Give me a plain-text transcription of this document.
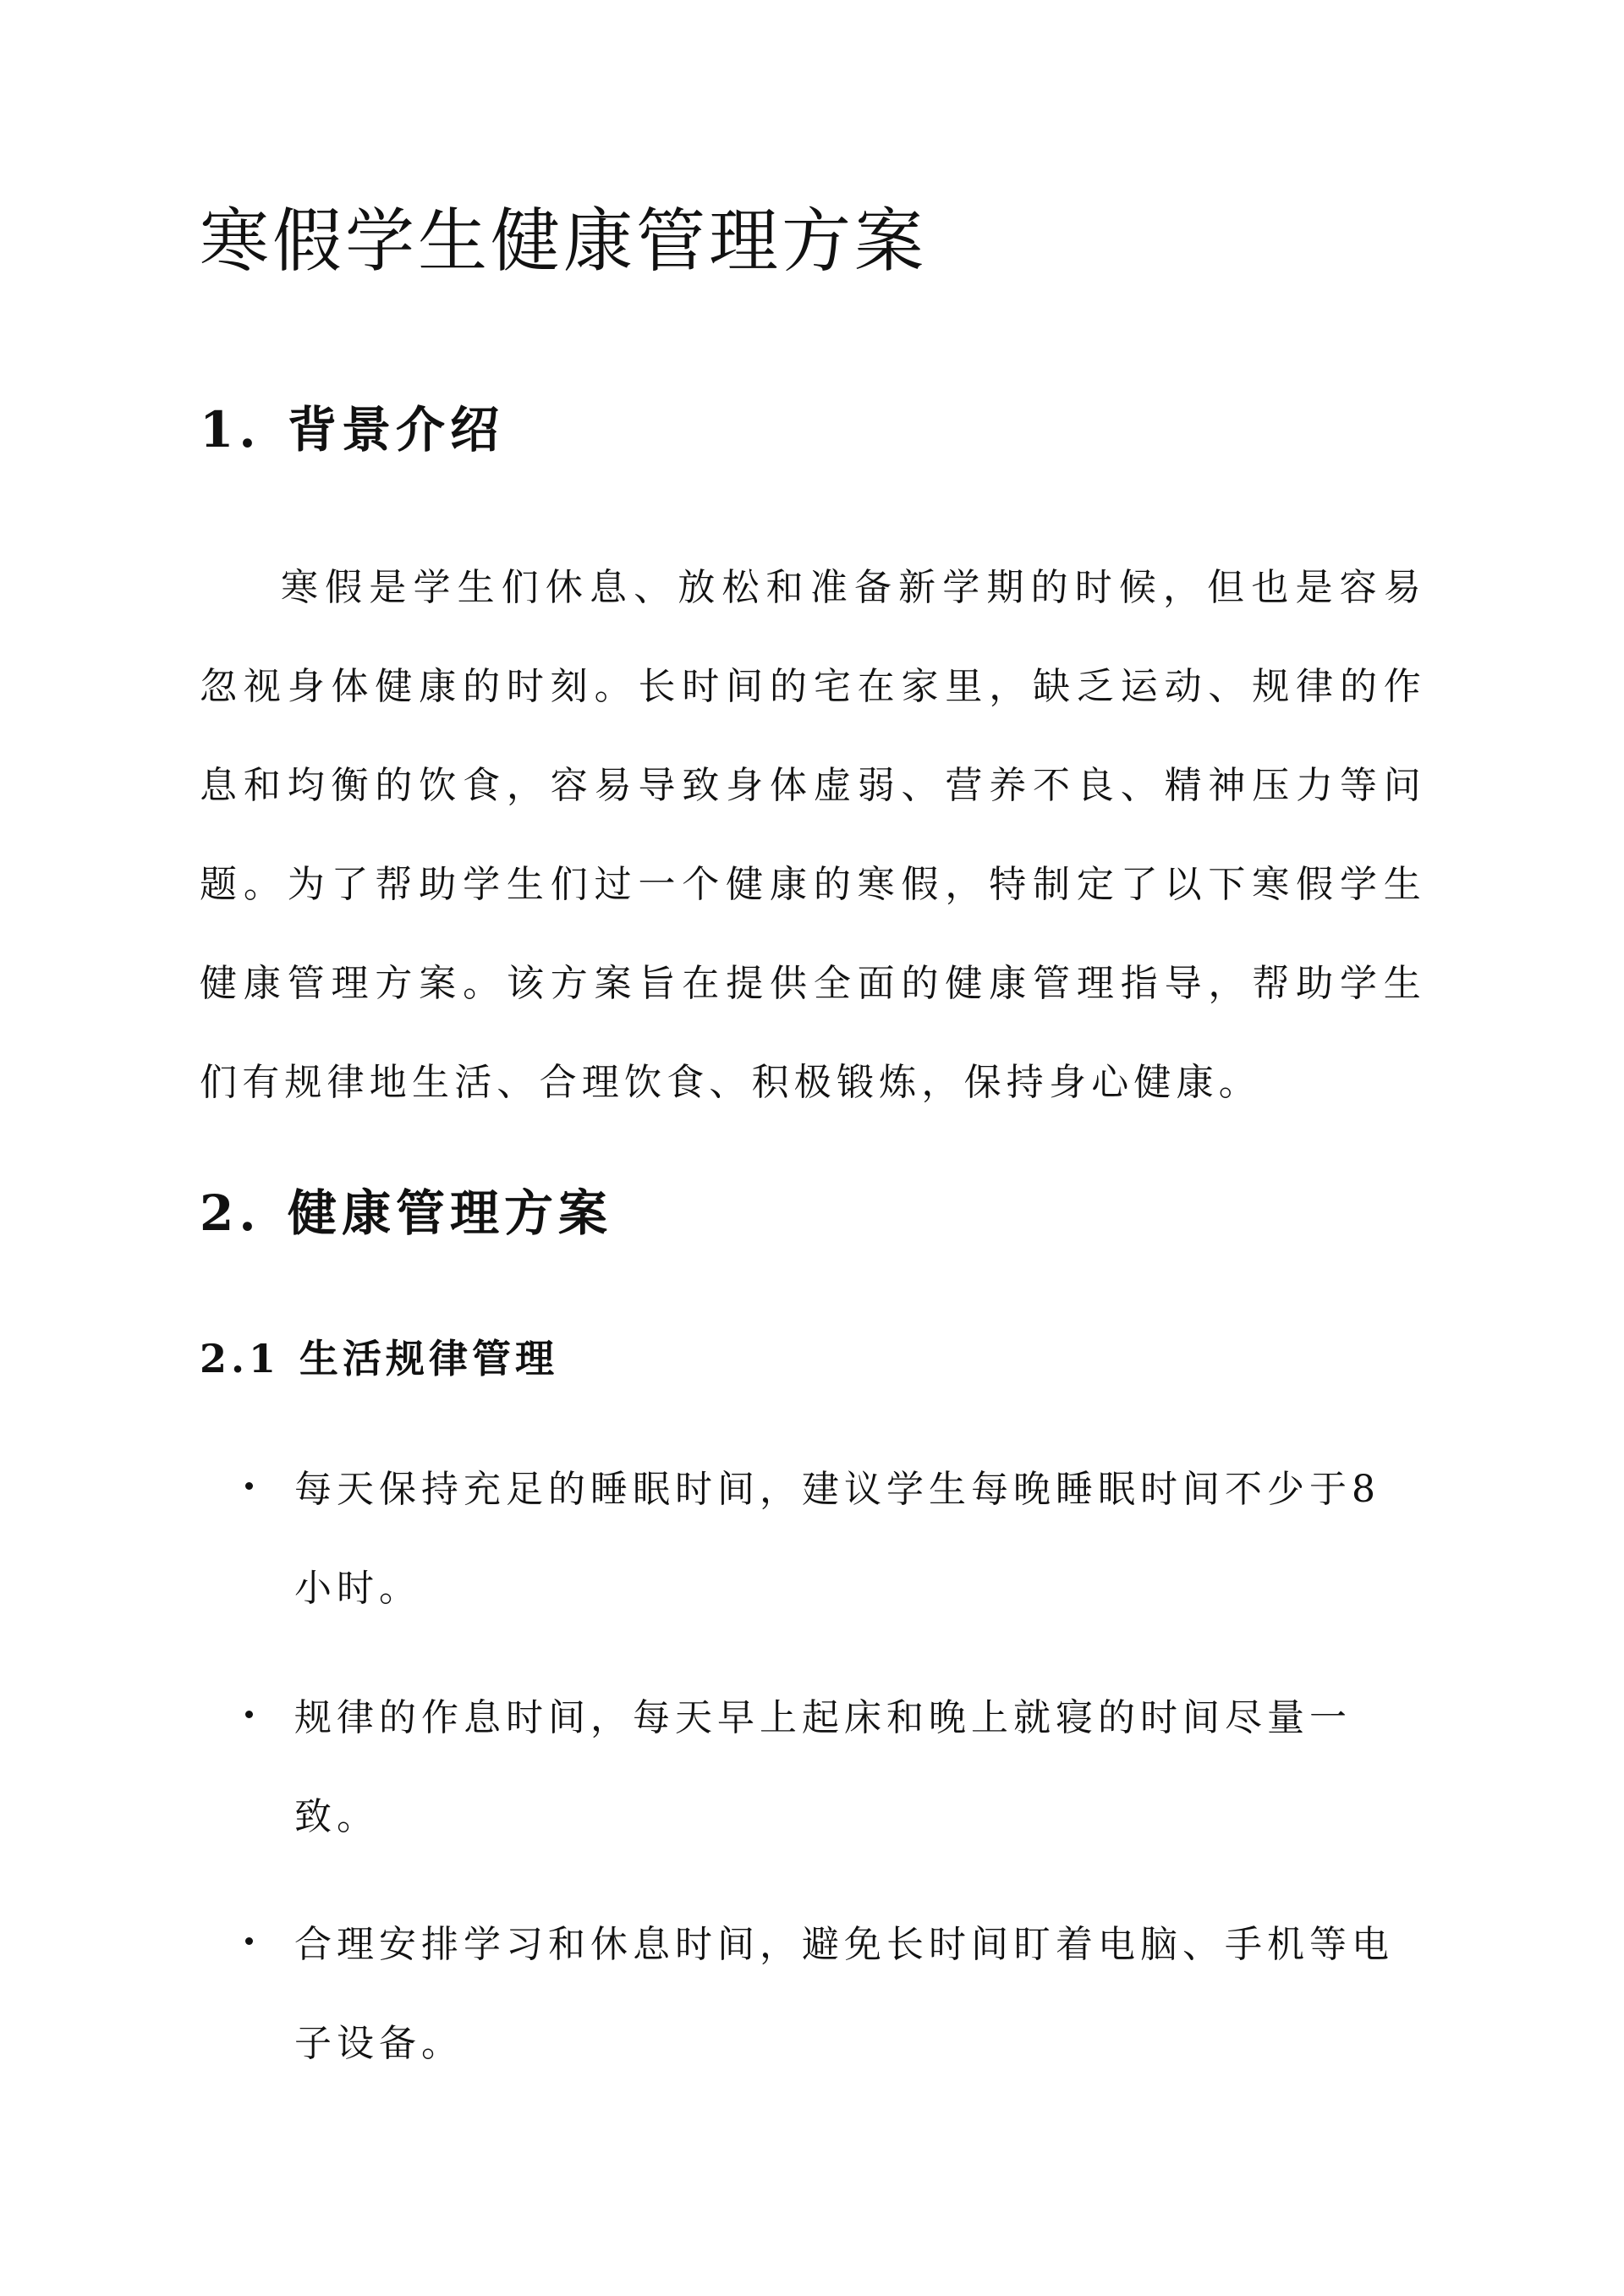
寒假学生健康管理方案
1. 背景介绍

寒假是学生们休息、放松和准备新学期的时候，但也是容易忽视身体健康的时刻。长时间的宅在家里，缺乏运动、规律的作息和均衡的饮食，容易导致身体虚弱、营养不良、精神压力等问题。为了帮助学生们过一个健康的寒假，特制定了以下寒假学生健康管理方案。该方案旨在提供全面的健康管理指导，帮助学生们有规律地生活、合理饮食、积极锻炼，保持身心健康。

2. 健康管理方案
2.1 生活规律管理

每天保持充足的睡眠时间，建议学生每晚睡眠时间不少于8小时。

规律的作息时间，每天早上起床和晚上就寝的时间尽量一致。

合理安排学习和休息时间，避免长时间盯着电脑、手机等电子设备。
